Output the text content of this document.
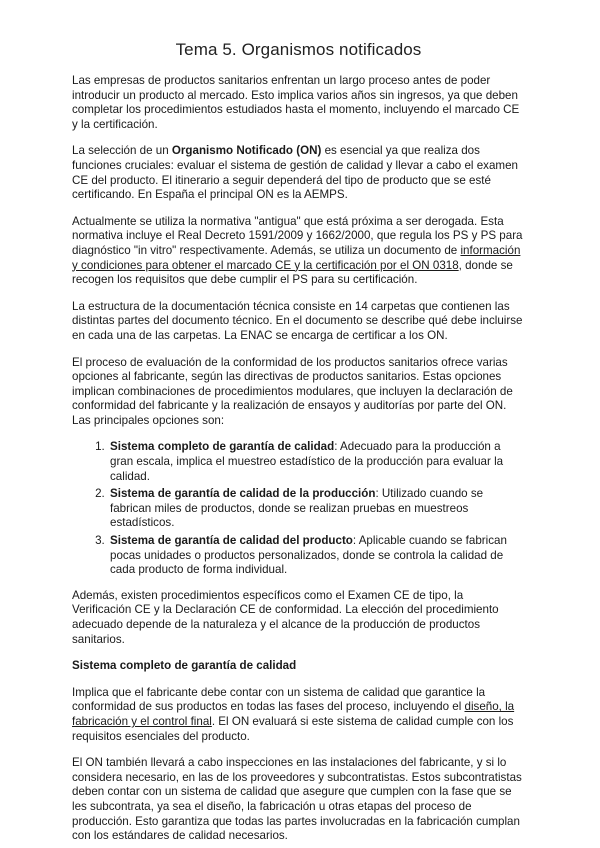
Tema 5. Organismos notificados

Las empresas de productos sanitarios enfrentan un largo proceso antes de poder introducir un producto al mercado. Esto implica varios años sin ingresos, ya que deben completar los procedimientos estudiados hasta el momento, incluyendo el marcado CE y la certificación.

La selección de un Organismo Notificado (ON) es esencial ya que realiza dos funciones cruciales: evaluar el sistema de gestión de calidad y llevar a cabo el examen CE del producto. El itinerario a seguir dependerá del tipo de producto que se esté certificando. En España el principal ON es la AEMPS.

Actualmente se utiliza la normativa "antigua" que está próxima a ser derogada. Esta normativa incluye el Real Decreto 1591/2009 y 1662/2000, que regula los PS y PS para diagnóstico "in vitro" respectivamente. Además, se utiliza un documento de información y condiciones para obtener el marcado CE y la certificación por el ON 0318, donde se recogen los requisitos que debe cumplir el PS para su certificación.

La estructura de la documentación técnica consiste en 14 carpetas que contienen las distintas partes del documento técnico. En el documento se describe qué debe incluirse en cada una de las carpetas. La ENAC se encarga de certificar a los ON.

El proceso de evaluación de la conformidad de los productos sanitarios ofrece varias opciones al fabricante, según las directivas de productos sanitarios. Estas opciones implican combinaciones de procedimientos modulares, que incluyen la declaración de conformidad del fabricante y la realización de ensayos y auditorías por parte del ON. Las principales opciones son:

1. Sistema completo de garantía de calidad: Adecuado para la producción a gran escala, implica el muestreo estadístico de la producción para evaluar la calidad.
2. Sistema de garantía de calidad de la producción: Utilizado cuando se fabrican miles de productos, donde se realizan pruebas en muestreos estadísticos.
3. Sistema de garantía de calidad del producto: Aplicable cuando se fabrican pocas unidades o productos personalizados, donde se controla la calidad de cada producto de forma individual.

Además, existen procedimientos específicos como el Examen CE de tipo, la Verificación CE y la Declaración CE de conformidad. La elección del procedimiento adecuado depende de la naturaleza y el alcance de la producción de productos sanitarios.

Sistema completo de garantía de calidad

Implica que el fabricante debe contar con un sistema de calidad que garantice la conformidad de sus productos en todas las fases del proceso, incluyendo el diseño, la fabricación y el control final. El ON evaluará si este sistema de calidad cumple con los requisitos esenciales del producto.

El ON también llevará a cabo inspecciones en las instalaciones del fabricante, y si lo considera necesario, en las de los proveedores y subcontratistas. Estos subcontratistas deben contar con un sistema de calidad que asegure que cumplen con la fase que se les subcontrata, ya sea el diseño, la fabricación u otras etapas del proceso de producción. Esto garantiza que todas las partes involucradas en la fabricación cumplan con los estándares de calidad necesarios.
